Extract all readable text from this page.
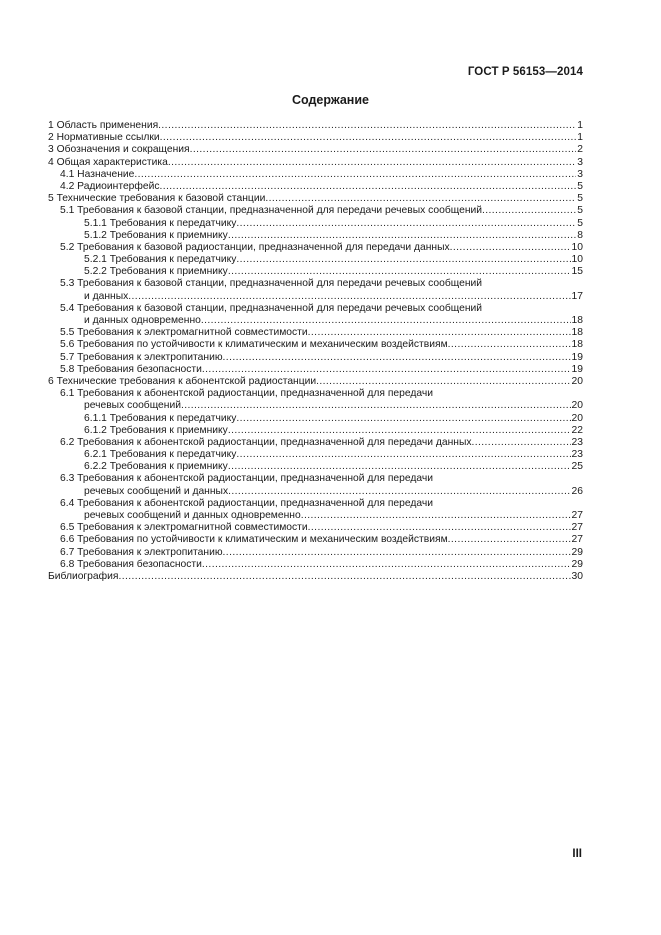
ГОСТ Р 56153—2014
Содержание
1 Область применения .....	1
2 Нормативные ссылки .....	1
3 Обозначения и сокращения .....	2
4 Общая характеристика .....	3
4.1 Назначение .....	3
4.2 Радиоинтерфейс .....	5
5 Технические требования к базовой станции .....	5
5.1 Требования к базовой станции, предназначенной для передачи речевых сообщений .....	5
5.1.1 Требования к передатчику .....	5
5.1.2 Требования к приемнику .....	8
5.2 Требования к базовой радиостанции, предназначенной для передачи данных .....	10
5.2.1 Требования к передатчику .....	10
5.2.2 Требования к приемнику .....	15
5.3 Требования к базовой станции, предназначенной для передачи речевых сообщений
и данных .....	17
5.4 Требования к базовой станции, предназначенной для передачи речевых сообщений
и данных одновременно .....	18
5.5 Требования к электромагнитной совместимости .....	18
5.6 Требования по устойчивости к климатическим и механическим воздействиям .....	18
5.7 Требования к электропитанию .....	19
5.8 Требования безопасности .....	19
6 Технические требования к абонентской радиостанции .....	20
6.1 Требования к абонентской радиостанции, предназначенной для передачи
речевых сообщений .....	20
6.1.1 Требования к передатчику .....	20
6.1.2 Требования к приемнику .....	22
6.2 Требования к абонентской радиостанции, предназначенной для передачи данных .....	23
6.2.1 Требования к передатчику .....	23
6.2.2 Требования к приемнику .....	25
6.3 Требования к абонентской радиостанции, предназначенной для передачи
речевых сообщений и данных .....	26
6.4 Требования к абонентской радиостанции, предназначенной для передачи
речевых сообщений и данных одновременно .....	27
6.5 Требования к электромагнитной совместимости .....	27
6.6 Требования по устойчивости к климатическим и механическим воздействиям .....	27
6.7 Требования к электропитанию .....	29
6.8 Требования безопасности .....	29
Библиография .....	30
III
